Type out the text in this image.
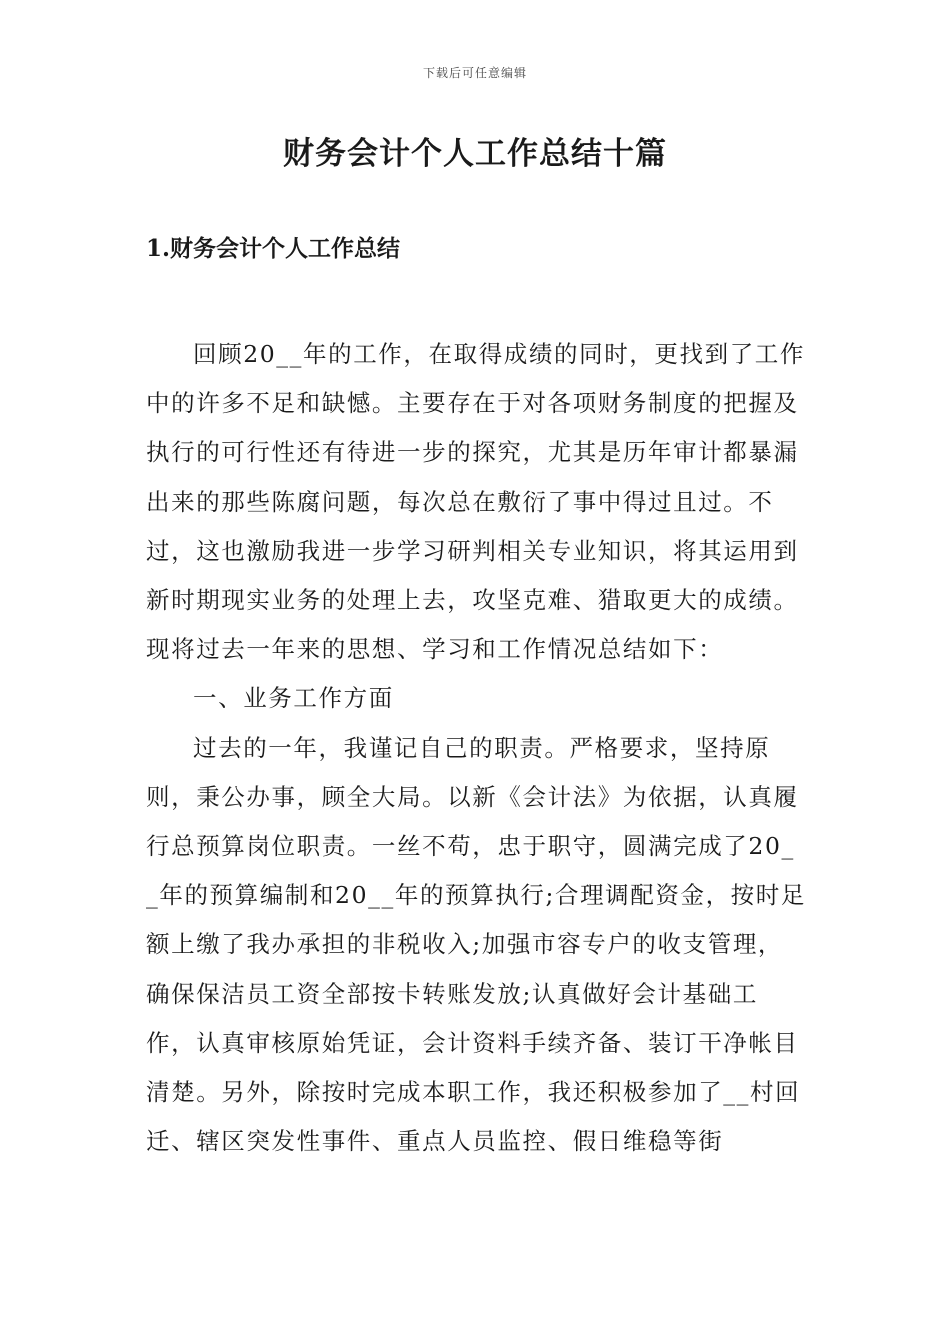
下载后可任意编辑
财务会计个人工作总结十篇
1.财务会计个人工作总结

回顾20__年的工作，在取得成绩的同时，更找到了工作中的许多不足和缺憾。主要存在于对各项财务制度的把握及执行的可行性还有待进一步的探究，尤其是历年审计都暴漏出来的那些陈腐问题，每次总在敷衍了事中得过且过。不过，这也激励我进一步学习研判相关专业知识，将其运用到新时期现实业务的处理上去，攻坚克难、猎取更大的成绩。现将过去一年来的思想、学习和工作情况总结如下：

一、业务工作方面

过去的一年，我谨记自己的职责。严格要求，坚持原则，秉公办事，顾全大局。以新《会计法》为依据，认真履行总预算岗位职责。一丝不苟，忠于职守，圆满完成了20__年的预算编制和20__年的预算执行;合理调配资金，按时足额上缴了我办承担的非税收入;加强市容专户的收支管理，确保保洁员工资全部按卡转账发放;认真做好会计基础工作，认真审核原始凭证，会计资料手续齐备、装订干净帐目清楚。另外，除按时完成本职工作，我还积极参加了__村回迁、辖区突发性事件、重点人员监控、假日维稳等街
